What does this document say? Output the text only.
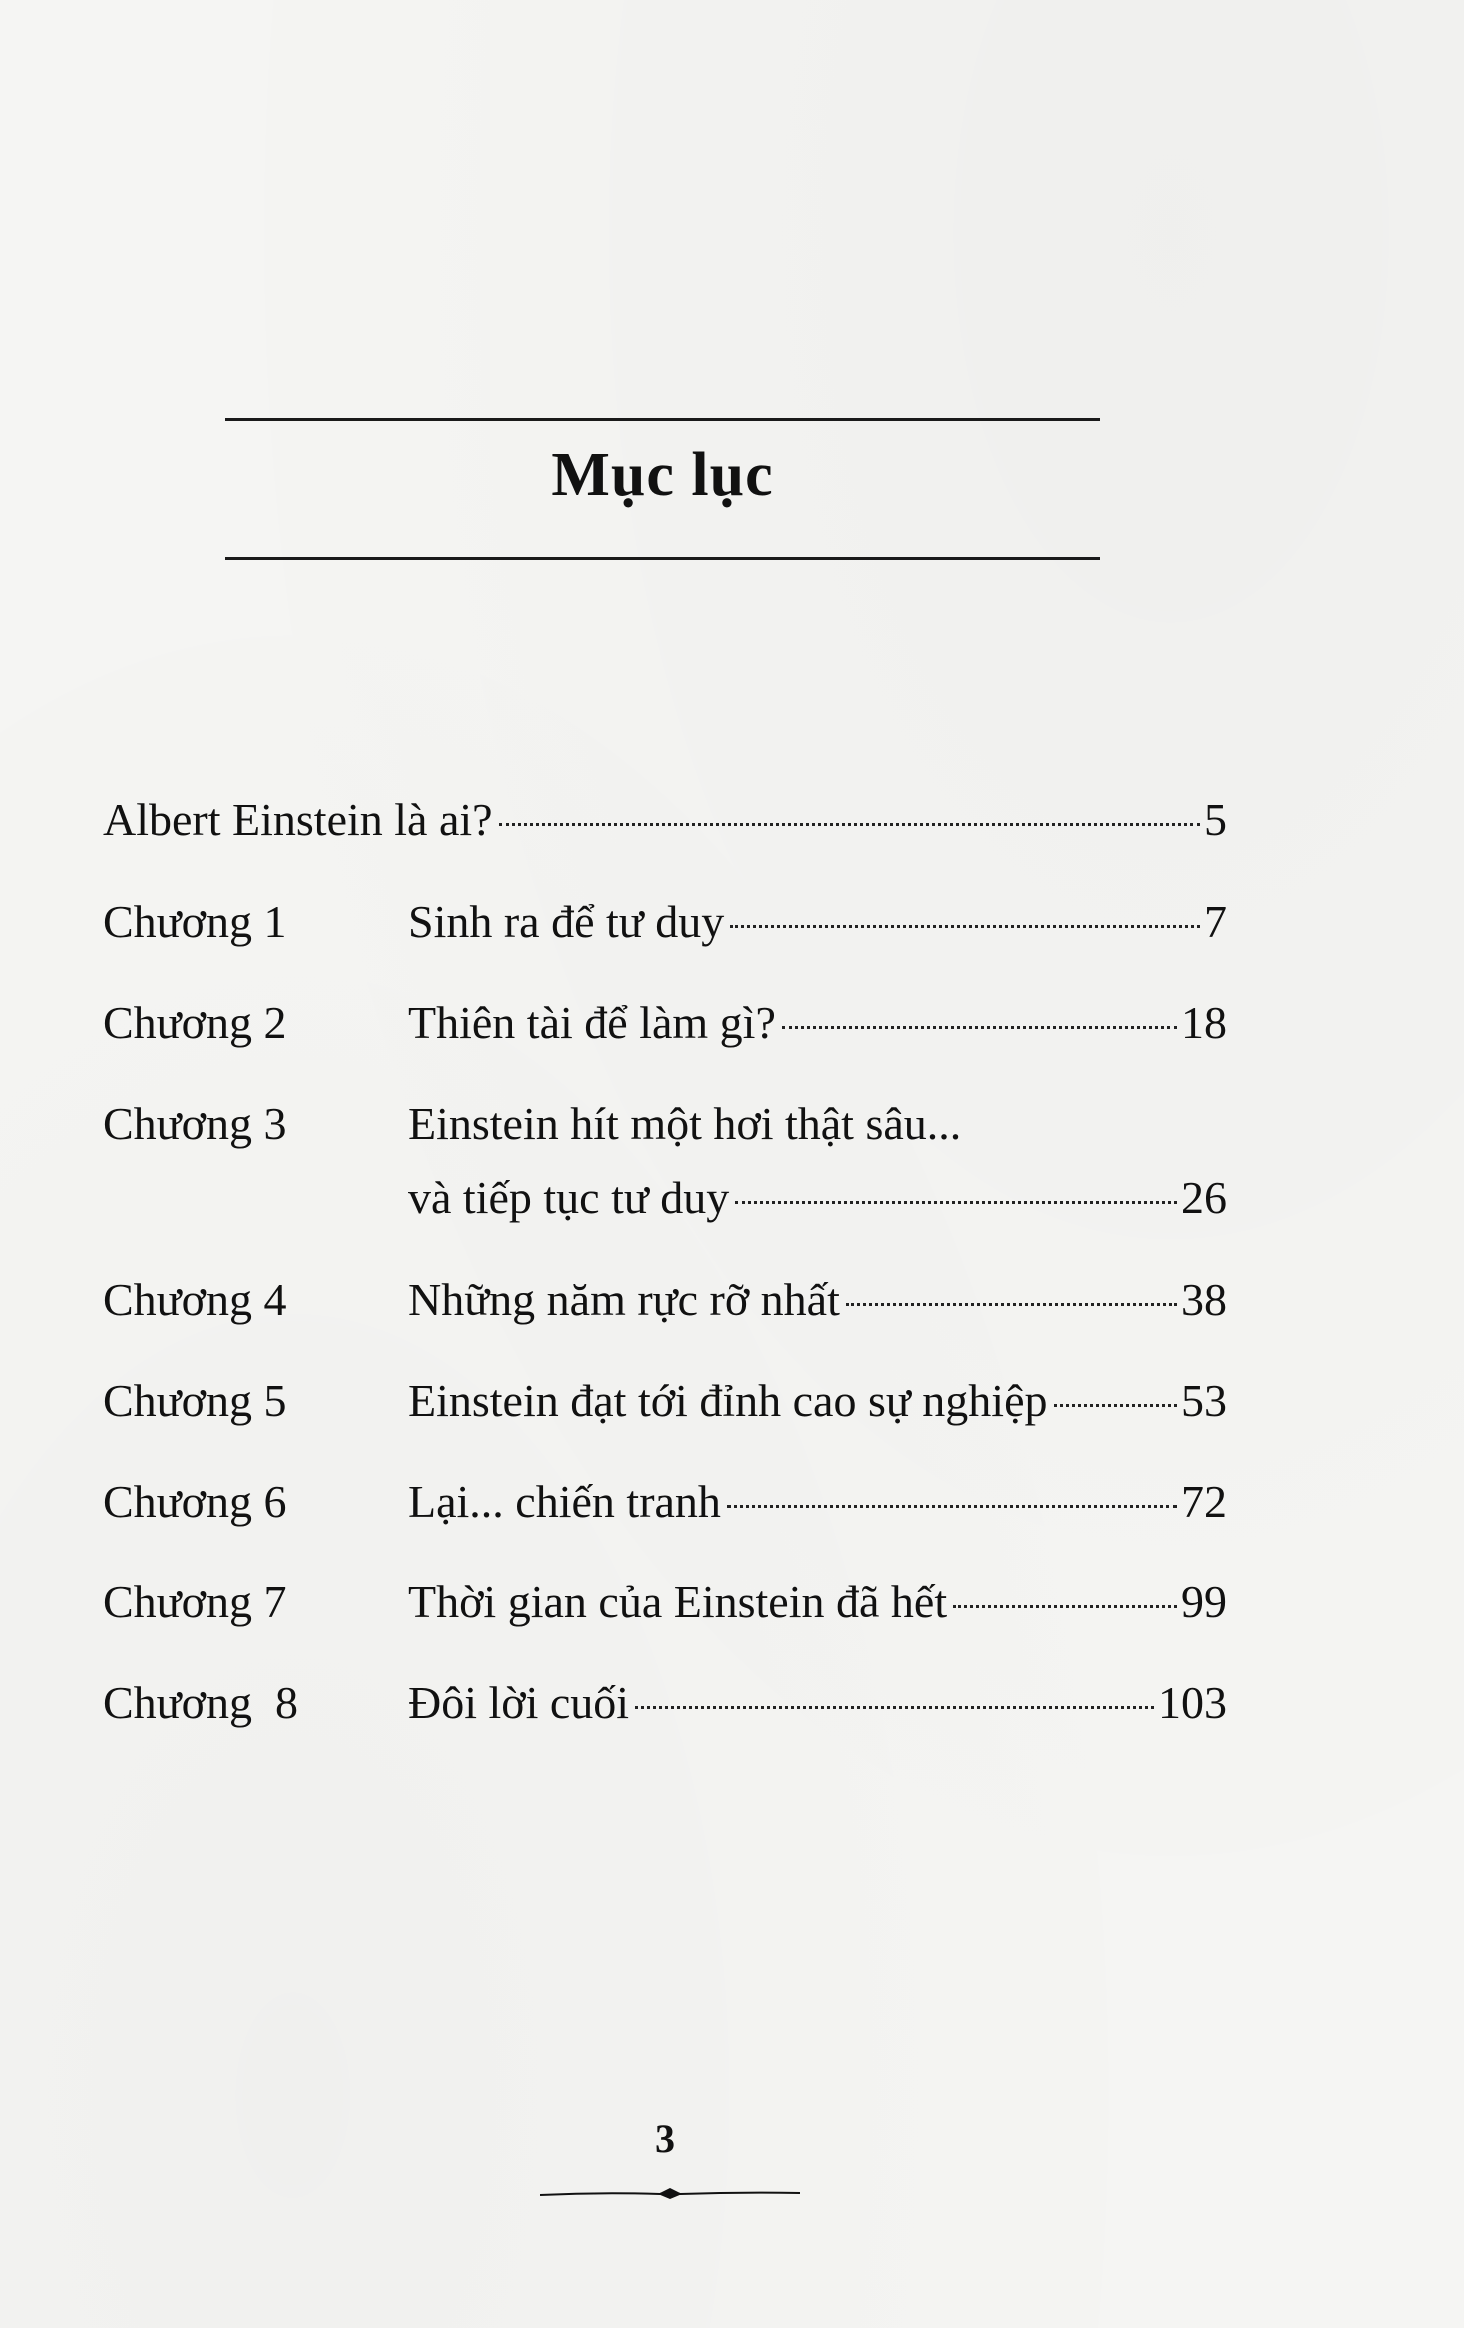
Mục lục
Albert Einstein là ai?	5
Chương 1	Sinh ra để tư duy	7
Chương 2	Thiên tài để làm gì?	18
Chương 3	Einstein hít một hơi thật sâu...
và tiếp tục tư duy	26
Chương 4	Những năm rực rỡ nhất	38
Chương 5	Einstein đạt tới đỉnh cao sự nghiệp	53
Chương 6	Lại... chiến tranh	72
Chương 7	Thời gian của Einstein đã hết	99
Chương  8 Đôi lời cuối	103
3
